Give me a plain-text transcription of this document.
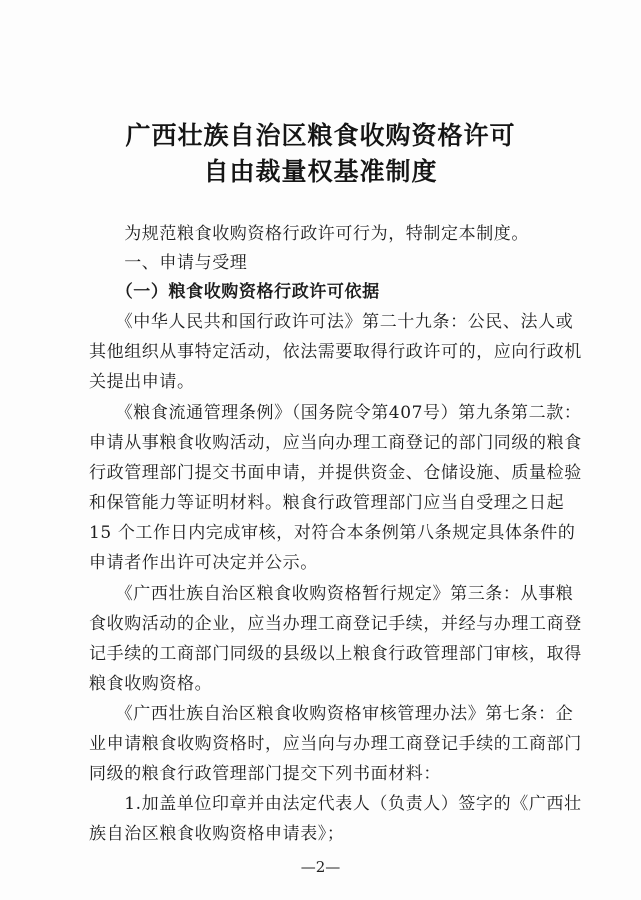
广西壮族自治区粮食收购资格许可
自由裁量权基准制度
　　为规范粮食收购资格行政许可行为，特制定本制度。
　　一、申请与受理
　　（一）粮食收购资格行政许可依据
　　《中华人民共和国行政许可法》第二十九条：公民、法人或
其他组织从事特定活动，依法需要取得行政许可的，应向行政机
关提出申请。
　　《粮食流通管理条例》（国务院令第407号）第九条第二款：
申请从事粮食收购活动，应当向办理工商登记的部门同级的粮食
行政管理部门提交书面申请，并提供资金、仓储设施、质量检验
和保管能力等证明材料。粮食行政管理部门应当自受理之日起
15 个工作日内完成审核，对符合本条例第八条规定具体条件的
申请者作出许可决定并公示。
　　《广西壮族自治区粮食收购资格暂行规定》第三条：从事粮
食收购活动的企业，应当办理工商登记手续，并经与办理工商登
记手续的工商部门同级的县级以上粮食行政管理部门审核，取得
粮食收购资格。
　　《广西壮族自治区粮食收购资格审核管理办法》第七条：企
业申请粮食收购资格时，应当向与办理工商登记手续的工商部门
同级的粮食行政管理部门提交下列书面材料：
　　1.加盖单位印章并由法定代表人（负责人）签字的《广西壮
族自治区粮食收购资格申请表》；
—2—
